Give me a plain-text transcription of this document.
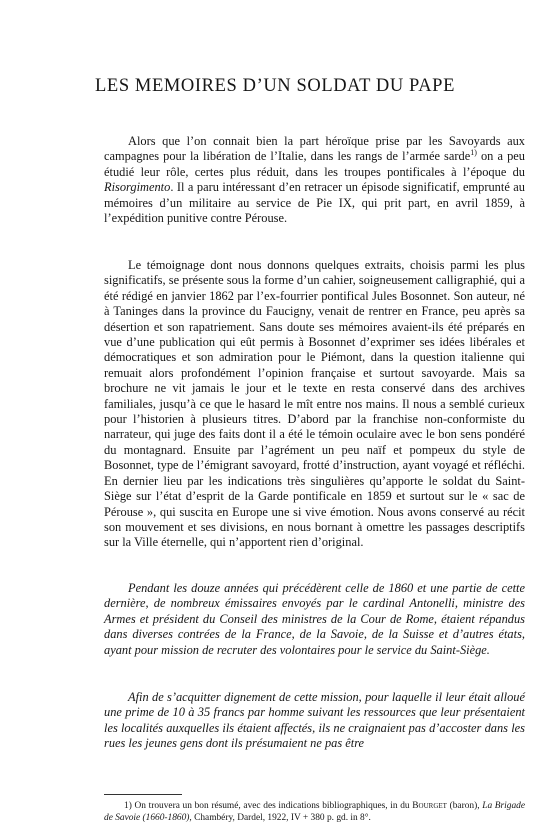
LES MEMOIRES D’UN SOLDAT DU PAPE

Alors que l’on connait bien la part héroïque prise par les Savoyards aux campagnes pour la libération de l’Italie, dans les rangs de l’armée sarde$^{1)}$ on a peu étudié leur rôle, certes plus réduit, dans les troupes pontificales à l’époque du Risorgimento. Il a paru intéressant d’en retracer un épisode significatif, emprunté au mémoires d’un militaire au service de Pie IX, qui prit part, en avril 1859, à l’expédition punitive contre Pérouse.

Le témoignage dont nous donnons quelques extraits, choisis parmi les plus significatifs, se présente sous la forme d’un cahier, soigneusement calligraphié, qui a été rédigé en janvier 1862 par l’ex-fourrier pontifical Jules Bosonnet. Son auteur, né à Taninges dans la province du Faucigny, venait de rentrer en France, peu après sa désertion et son rapatriement. Sans doute ses mémoires avaient-ils été préparés en vue d’une publication qui eût permis à Bosonnet d’exprimer ses idées libérales et démocratiques et son admiration pour le Piémont, dans la question italienne qui remuait alors profondément l’opinion française et surtout savoyarde. Mais sa brochure ne vit jamais le jour et le texte en resta conservé dans des archives familiales, jusqu’à ce que le hasard le mît entre nos mains. Il nous a semblé curieux pour l’historien à plusieurs titres. D’abord par la franchise non-conformiste du narrateur, qui juge des faits dont il a été le témoin oculaire avec le bon sens pondéré du montagnard. Ensuite par l’agrément un peu naïf et pompeux du style de Bosonnet, type de l’émigrant savoyard, frotté d’instruction, ayant voyagé et réfléchi. En dernier lieu par les indications très singulières qu’apporte le soldat du Saint-Siège sur l’état d’esprit de la Garde pontificale en 1859 et surtout sur le « sac de Pérouse », qui suscita en Europe une si vive émotion. Nous avons conservé au récit son mouvement et ses divisions, en nous bornant à omettre les passages descriptifs sur la Ville éternelle, qui n’apportent rien d’original.

Pendant les douze années qui précédèrent celle de 1860 et une partie de cette dernière, de nombreux émissaires envoyés par le cardinal Antonelli, ministre des Armes et président du Conseil des ministres de la Cour de Rome, étaient répandus dans diverses contrées de la France, de la Savoie, de la Suisse et d’autres états, ayant pour mission de recruter des volontaires pour le service du Saint-Siège.

Afin de s’acquitter dignement de cette mission, pour laquelle il leur était alloué une prime de 10 à 35 francs par homme suivant les ressources que leur présentaient les localités auxquelles ils étaient affectés, ils ne craignaient pas d’accoster dans les rues les jeunes gens dont ils présumaient ne pas être

1) On trouvera un bon résumé, avec des indications bibliographiques, in du Bourget (baron), La Brigade de Savoie (1660-1860), Chambéry, Dardel, 1922, IV + 380 p. gd. in 8°.
